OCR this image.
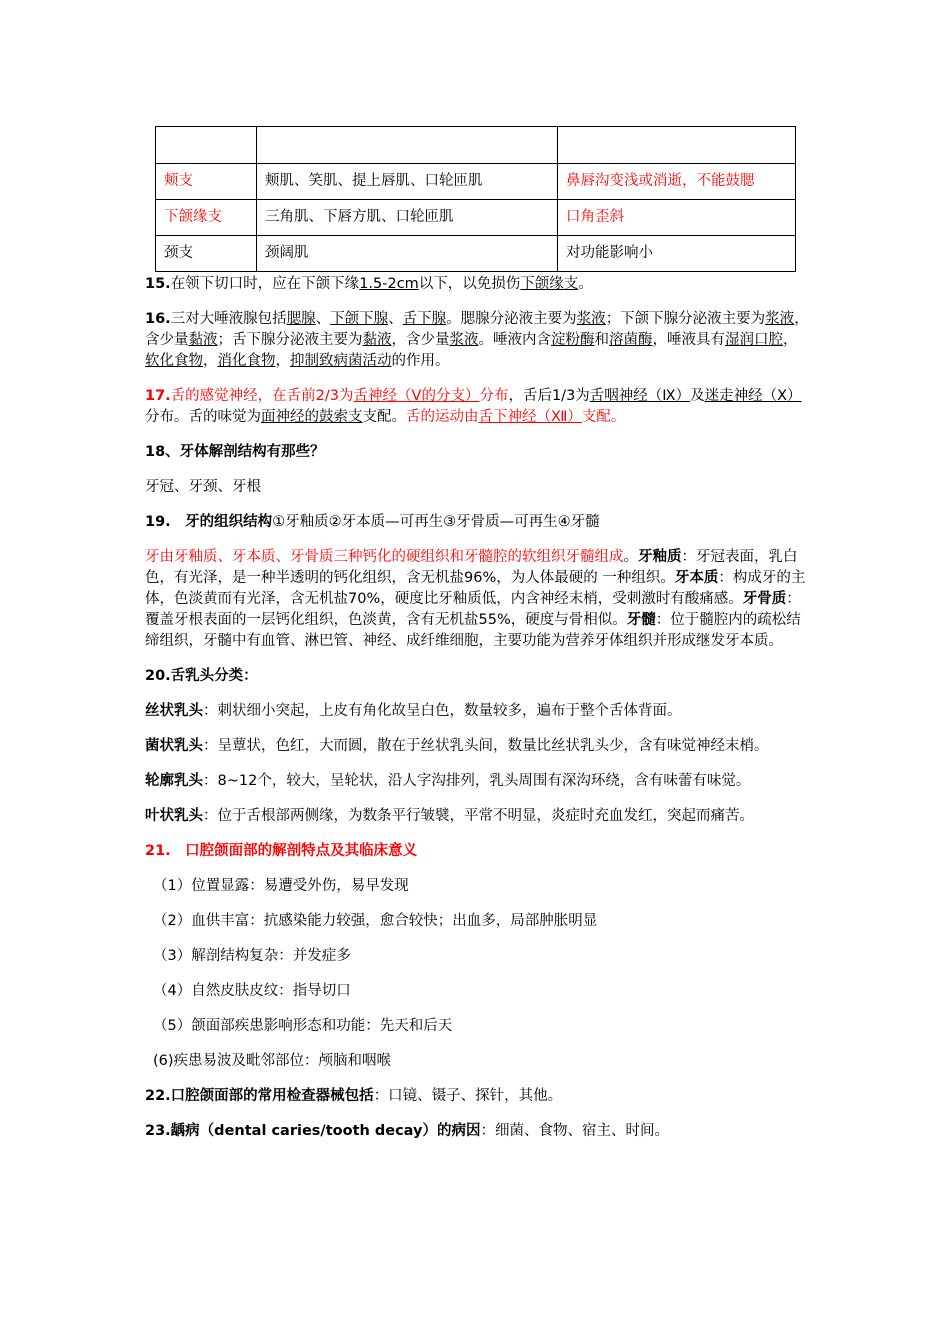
颊支	颊肌、笑肌、提上唇肌、口轮匝肌	鼻唇沟变浅或消逝，不能鼓腮
下颌缘支	三角肌、下唇方肌、口轮匝肌	口角歪斜
颈支	颈阔肌	对功能影响小

15.在领下切口时，应在下颌下缘1.5-2cm以下，以免损伤下颌缘支。

16.三对大唾液腺包括腮腺、下颌下腺、舌下腺。腮腺分泌液主要为浆液；下颌下腺分泌液主要为浆液，含少量黏液；舌下腺分泌液主要为黏液，含少量浆液。唾液内含淀粉酶和溶菌酶，唾液具有湿润口腔，软化食物，消化食物，抑制致病菌活动的作用。

17.舌的感觉神经，在舌前2/3为舌神经（Ⅴ的分支）分布，舌后1/3为舌咽神经（Ⅸ）及迷走神经（Ⅹ）分布。舌的味觉为面神经的鼓索支支配。舌的运动由舌下神经（Ⅻ）支配。

18、牙体解剖结构有那些？

牙冠、牙颈、牙根

19.　牙的组织结构①牙釉质②牙本质—可再生③牙骨质—可再生④牙髓

牙由牙釉质、牙本质、牙骨质三种钙化的硬组织和牙髓腔的软组织牙髓组成。牙釉质：牙冠表面，乳白色，有光泽，是一种半透明的钙化组织，含无机盐96%，为人体最硬的 一种组织。牙本质：构成牙的主体，色淡黄而有光泽，含无机盐70%，硬度比牙釉质低，内含神经末梢，受刺激时有酸痛感。牙骨质：覆盖牙根表面的一层钙化组织，色淡黄，含有无机盐55%，硬度与骨相似。牙髓：位于髓腔内的疏松结缔组织，牙髓中有血管、淋巴管、神经、成纤维细胞，主要功能为营养牙体组织并形成继发牙本质。

20.舌乳头分类：

丝状乳头：刺状细小突起，上皮有角化故呈白色，数量较多，遍布于整个舌体背面。

菌状乳头：呈蕈状，色红，大而圆，散在于丝状乳头间，数量比丝状乳头少，含有味觉神经末梢。

轮廓乳头：8~12个，较大，呈轮状，沿人字沟排列，乳头周围有深沟环绕，含有味蕾有味觉。

叶状乳头：位于舌根部两侧缘，为数条平行皱襞，平常不明显，炎症时充血发红，突起而痛苦。

21.　口腔颌面部的解剖特点及其临床意义

（1）位置显露：易遭受外伤，易早发现

（2）血供丰富：抗感染能力较强，愈合较快；出血多，局部肿胀明显

（3）解剖结构复杂：并发症多

（4）自然皮肤皮纹：指导切口

（5）颌面部疾患影响形态和功能：先天和后天

(6)疾患易波及毗邻部位：颅脑和咽喉

22.口腔颌面部的常用检查器械包括：口镜、镊子、探针，其他。

23.龋病（dental caries/tooth decay）的病因：细菌、食物、宿主、时间。
